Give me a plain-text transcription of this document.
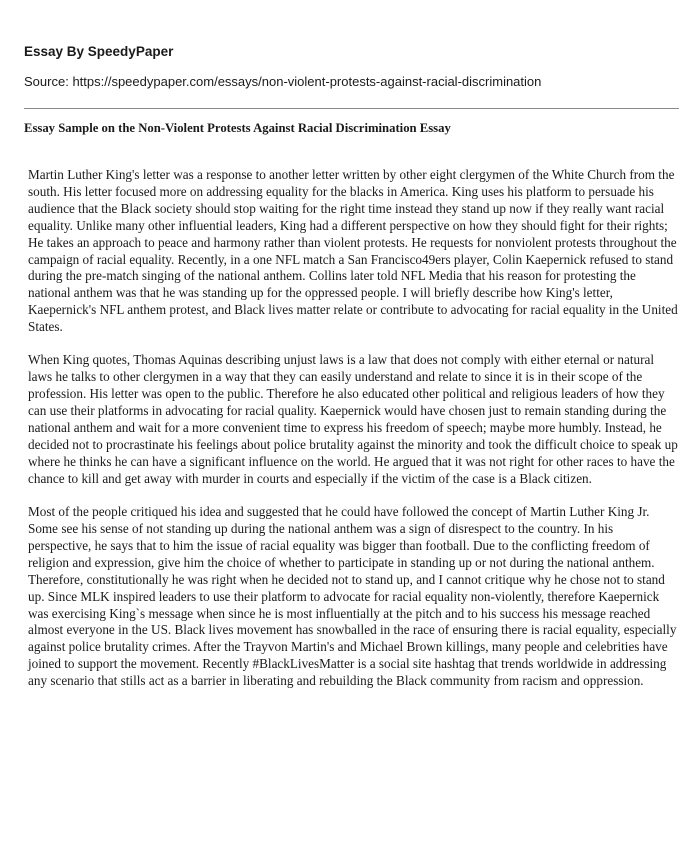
Essay By SpeedyPaper
Source: https://speedypaper.com/essays/non-violent-protests-against-racial-discrimination
Essay Sample on the Non-Violent Protests Against Racial Discrimination Essay

Martin Luther King's letter was a response to another letter written by other eight clergymen of the White Church from the south. His letter focused more on addressing equality for the blacks in America. King uses his platform to persuade his audience that the Black society should stop waiting for the right time instead they stand up now if they really want racial equality. Unlike many other influential leaders, King had a different perspective on how they should fight for their rights; He takes an approach to peace and harmony rather than violent protests. He requests for nonviolent protests throughout the campaign of racial equality. Recently, in a one NFL match a San Francisco49ers player, Colin Kaepernick refused to stand during the pre-match singing of the national anthem. Collins later told NFL Media that his reason for protesting the national anthem was that he was standing up for the oppressed people. I will briefly describe how King's letter, Kaepernick's NFL anthem protest, and Black lives matter relate or contribute to advocating for racial equality in the United States.

When King quotes, Thomas Aquinas describing unjust laws is a law that does not comply with either eternal or natural laws he talks to other clergymen in a way that they can easily understand and relate to since it is in their scope of the profession. His letter was open to the public. Therefore he also educated other political and religious leaders of how they can use their platforms in advocating for racial quality. Kaepernick would have chosen just to remain standing during the national anthem and wait for a more convenient time to express his freedom of speech; maybe more humbly. Instead, he decided not to procrastinate his feelings about police brutality against the minority and took the difficult choice to speak up where he thinks he can have a significant influence on the world. He argued that it was not right for other races to have the chance to kill and get away with murder in courts and especially if the victim of the case is a Black citizen.

Most of the people critiqued his idea and suggested that he could have followed the concept of Martin Luther King Jr. Some see his sense of not standing up during the national anthem was a sign of disrespect to the country. In his perspective, he says that to him the issue of racial equality was bigger than football. Due to the conflicting freedom of religion and expression, give him the choice of whether to participate in standing up or not during the national anthem. Therefore, constitutionally he was right when he decided not to stand up, and I cannot critique why he chose not to stand up. Since MLK inspired leaders to use their platform to advocate for racial equality non-violently, therefore Kaepernick was exercising King`s message when since he is most influentially at the pitch and to his success his message reached almost everyone in the US. Black lives movement has snowballed in the race of ensuring there is racial equality, especially against police brutality crimes. After the Trayvon Martin's and Michael Brown killings, many people and celebrities have joined to support the movement. Recently #BlackLivesMatter is a social site hashtag that trends worldwide in addressing any scenario that stills act as a barrier in liberating and rebuilding the Black community from racism and oppression.
